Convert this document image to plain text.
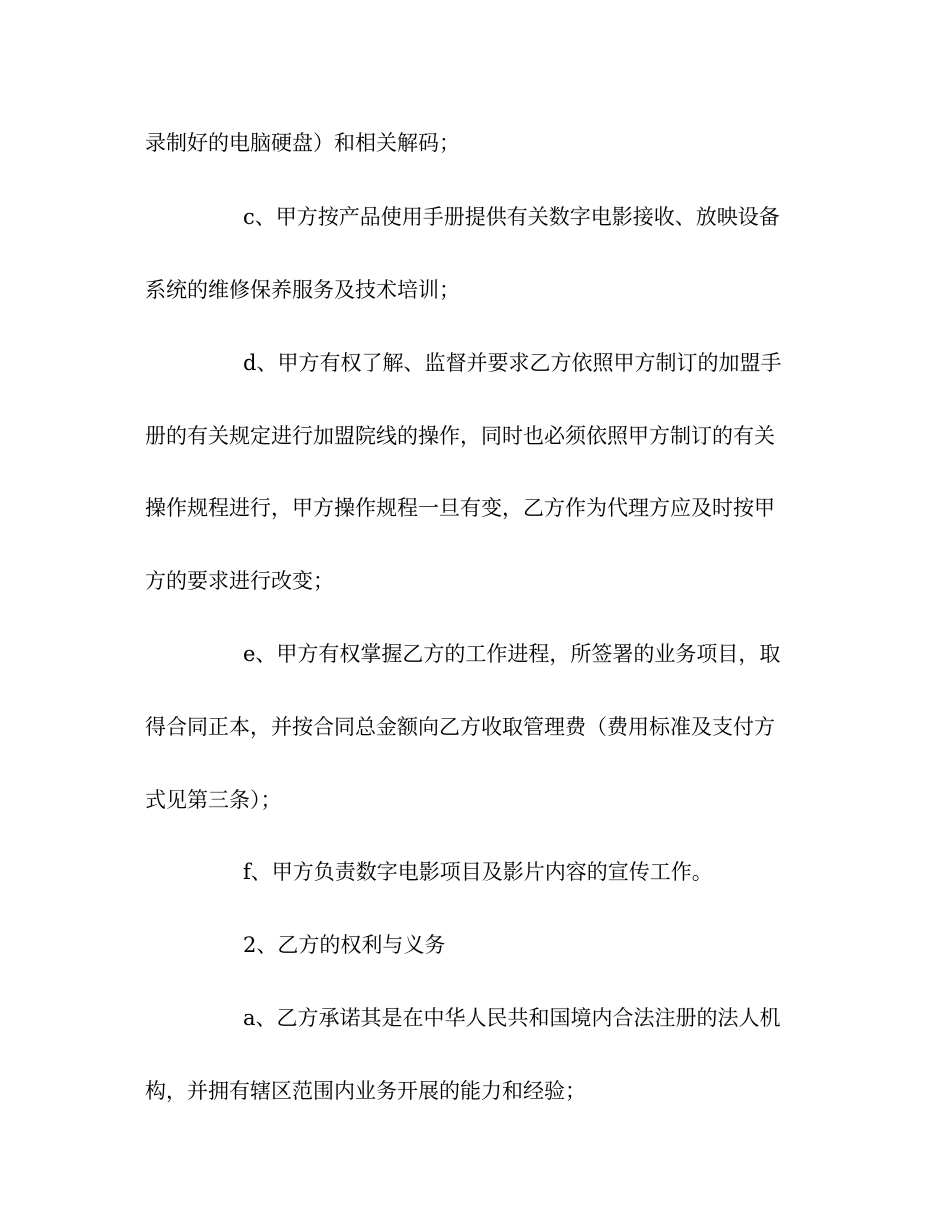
录制好的电脑硬盘）和相关解码；
c、甲方按产品使用手册提供有关数字电影接收、放映设备
系统的维修保养服务及技术培训；
d、甲方有权了解、监督并要求乙方依照甲方制订的加盟手
册的有关规定进行加盟院线的操作，同时也必须依照甲方制订的有关
操作规程进行，甲方操作规程一旦有变，乙方作为代理方应及时按甲
方的要求进行改变；
e、甲方有权掌握乙方的工作进程，所签署的业务项目，取
得合同正本，并按合同总金额向乙方收取管理费（费用标准及支付方
式见第三条）；
f、甲方负责数字电影项目及影片内容的宣传工作。
2、乙方的权利与义务
a、乙方承诺其是在中华人民共和国境内合法注册的法人机
构，并拥有辖区范围内业务开展的能力和经验；
